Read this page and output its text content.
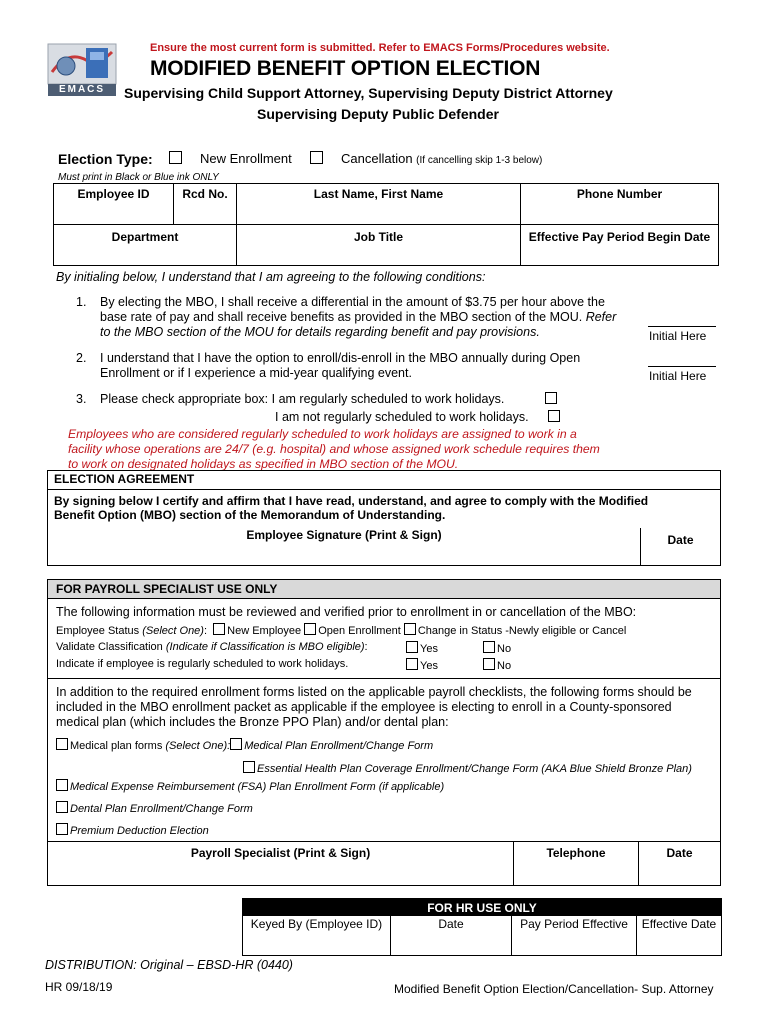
EMACS
Ensure the most current form is submitted. Refer to EMACS Forms/Procedures website.
MODIFIED BENEFIT OPTION ELECTION
Supervising Child Support Attorney, Supervising Deputy District Attorney
Supervising Deputy Public Defender
Election Type:	New Enrollment	Cancellation (If cancelling skip 1-3 below)
Must print in Black or Blue ink ONLY
Employee ID	Rcd No.	Last Name, First Name	Phone Number

Department		Job Title	Effective Pay Period Begin Date
By initialing below, I understand that I am agreeing to the following conditions:
1. By electing the MBO, I shall receive a differential in the amount of $3.75 per hour above the
base rate of pay and shall receive benefits as provided in the MBO section of the MOU. Refer
to the MBO section of the MOU for details regarding benefit and pay provisions.	Initial Here
2. I understand that I have the option to enroll/dis-enroll in the MBO annually during Open
Enrollment or if I experience a mid-year qualifying event.	Initial Here
3. Please check appropriate box: I am regularly scheduled to work holidays.
I am not regularly scheduled to work holidays.
Employees who are considered regularly scheduled to work holidays are assigned to work in a
facility whose operations are 24/7 (e.g. hospital) and whose assigned work schedule requires them
to work on designated holidays as specified in MBO section of the MOU.
ELECTION AGREEMENT

By signing below I certify and affirm that I have read, understand, and agree to comply with the Modified
Benefit Option (MBO) section of the Memorandum of Understanding.

Employee Signature (Print & Sign)	Date
FOR PAYROLL SPECIALIST USE ONLY

The following information must be reviewed and verified prior to enrollment in or cancellation of the MBO:
Employee Status (Select One): New Employee Open Enrollment Change in Status -Newly eligible or Cancel
Validate Classification (Indicate if Classification is MBO eligible):	Yes	No
Indicate if employee is regularly scheduled to work holidays.	Yes	No

In addition to the required enrollment forms listed on the applicable payroll checklists, the following forms should be
included in the MBO enrollment packet as applicable if the employee is electing to enroll in a County-sponsored
medical plan (which includes the Bronze PPO Plan) and/or dental plan:
Medical plan forms (Select One): Medical Plan Enrollment/Change Form
Essential Health Plan Coverage Enrollment/Change Form (AKA Blue Shield Bronze Plan)
Medical Expense Reimbursement (FSA) Plan Enrollment Form (if applicable)
Dental Plan Enrollment/Change Form
Premium Deduction Election

Payroll Specialist (Print & Sign)	Telephone	Date
FOR HR USE ONLY

Keyed By (Employee ID)	Date	Pay Period Effective	Effective Date
DISTRIBUTION: Original – EBSD-HR (0440)
HR 09/18/19	Modified Benefit Option Election/Cancellation- Sup. Attorney
